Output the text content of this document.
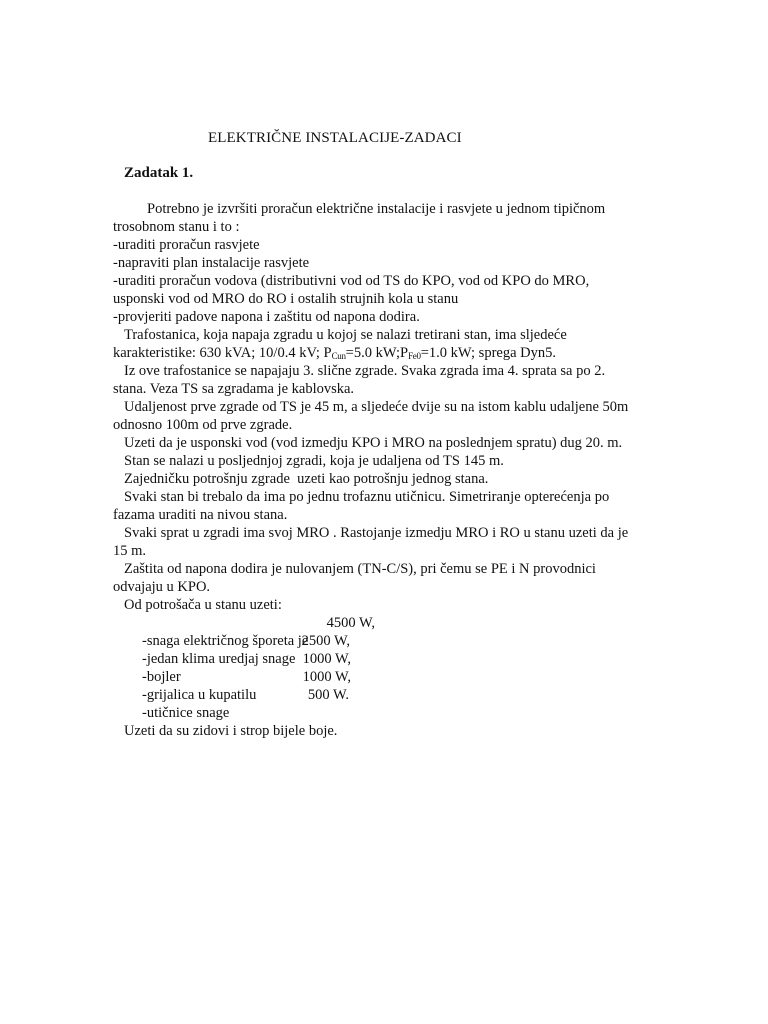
ELEKTRIČNE INSTALACIJE-ZADACI
Zadatak 1.
Potrebno je izvršiti proračun električne instalacije i rasvjete u jednom tipičnom
trosobnom stanu i to :
-uraditi proračun rasvjete
-napraviti plan instalacije rasvjete
-uraditi proračun vodova (distributivni vod od TS do KPO, vod od KPO do MRO,
usponski vod od MRO do RO i ostalih strujnih kola u stanu
-provjeriti padove napona i zaštitu od napona dodira.
Trafostanica, koja napaja zgradu u kojoj se nalazi tretirani stan, ima sljedeće
karakteristike: 630 kVA; 10/0.4 kV; $P_{Cun}=5.0$ $kW;P_{Fe0}=1.0$ kW; sprega Dyn5.
Iz ove trafostanice se napajaju 3. slične zgrade. Svaka zgrada ima 4. sprata sa po 2.
stana. Veza TS sa zgradama je kablovska.
Udaljenost prve zgrade od TS je 45 m, a sljedeće dvije su na istom kablu udaljene 50m
odnosno 100m od prve zgrade.
Uzeti da je usponski vod (vod izmedju KPO i MRO na poslednjem spratu) dug 20. m.
Stan se nalazi u posljednjoj zgradi, koja je udaljena od TS 145 m.
Zajedničku potrošnju zgrade  uzeti kao potrošnju jednog stana.
Svaki stan bi trebalo da ima po jednu trofaznu utičnicu. Simetriranje opterećenja po
fazama uraditi na nivou stana.
Svaki sprat u zgradi ima svoj MRO . Rastojanje izmedju MRO i RO u stanu uzeti da je
15 m.
Zaštita od napona dodira je nulovanjem (TN-C/S), pri čemu se PE i N provodnici
odvajaju u KPO.
Od potrošača u stanu uzeti:

-snaga električnog šporeta je
4500 W,

-jedan klima uredjaj snage
2500 W,

-bojler
1000 W,

-grijalica u kupatilu
1000 W,

-utičnice snage
500 W.

Uzeti da su zidovi i strop bijele boje.
